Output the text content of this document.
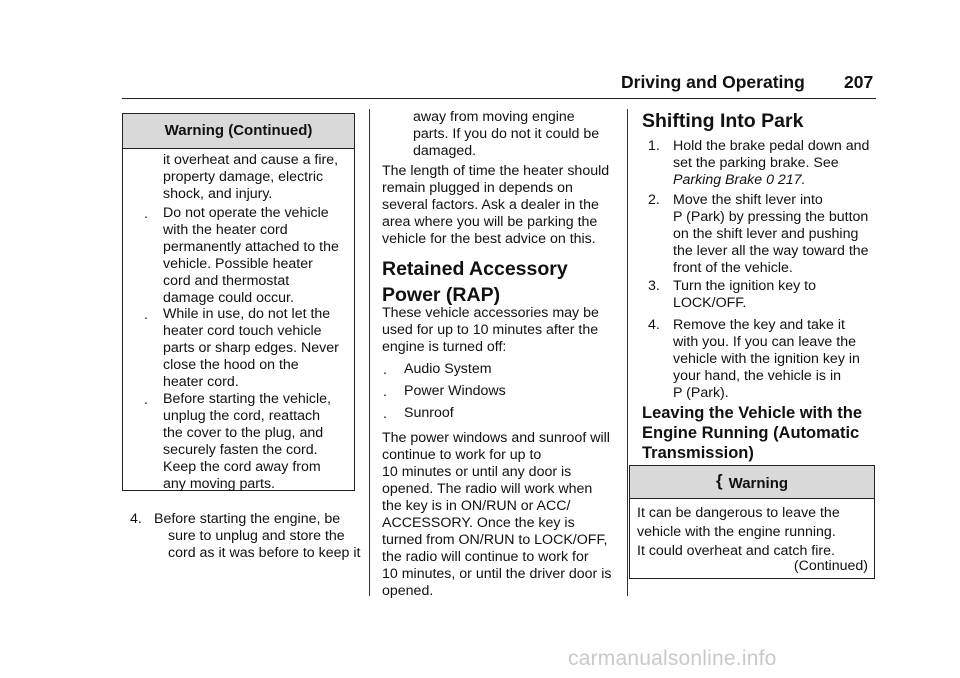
Driving and Operating 207
Warning (Continued)
it overheat and cause a fire,
property damage, electric
shock, and injury.
.	Do not operate the vehicle
with the heater cord
permanently attached to the
vehicle. Possible heater
cord and thermostat
damage could occur.
.	While in use, do not let the
heater cord touch vehicle
parts or sharp edges. Never
close the hood on the
heater cord.
.	Before starting the vehicle,
unplug the cord, reattach
the cover to the plug, and
securely fasten the cord.
Keep the cord away from
any moving parts.
4. Before starting the engine, be
sure to unplug and store the
cord as it was before to keep it
away from moving engine
parts. If you do not it could be
damaged.
The length of time the heater should
remain plugged in depends on
several factors. Ask a dealer in the
area where you will be parking the
vehicle for the best advice on this.
Retained Accessory
Power (RAP)
These vehicle accessories may be
used for up to 10 minutes after the
engine is turned off:
.	Audio System
.	Power Windows
.	Sunroof
The power windows and sunroof will
continue to work for up to
10 minutes or until any door is
opened. The radio will work when
the key is in ON/RUN or ACC/
ACCESSORY. Once the key is
turned from ON/RUN to LOCK/OFF,
the radio will continue to work for
10 minutes, or until the driver door is
opened.
Shifting Into Park
1. Hold the brake pedal down and
set the parking brake. See
Parking Brake 0 217.
2. Move the shift lever into
P (Park) by pressing the button
on the shift lever and pushing
the lever all the way toward the
front of the vehicle.
3. Turn the ignition key to
LOCK/OFF.
4. Remove the key and take it
with you. If you can leave the
vehicle with the ignition key in
your hand, the vehicle is in
P (Park).
Leaving the Vehicle with the
Engine Running (Automatic
Transmission)
{ Warning
It can be dangerous to leave the
vehicle with the engine running.
It could overheat and catch fire.
(Continued)
carmanualsonline.info
